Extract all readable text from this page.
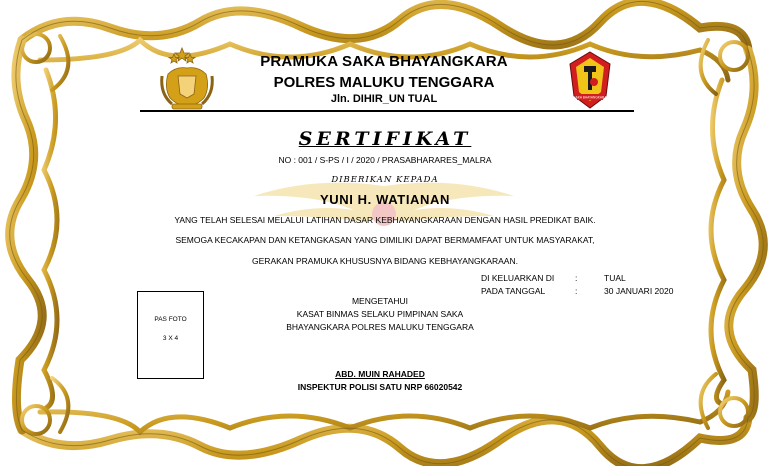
SAKA BHAYANGKARA
PRAMUKA SAKA BHAYANGKARA
POLRES MALUKU TENGGARA
Jln. DIHIR_UN TUAL
SERTIFIKAT
NO : 001 / S-PS / I / 2020 / PRASABHARARES_MALRA
DIBERIKAN KEPADA
YUNI H. WATIANAN
YANG TELAH SELESAI MELALUI LATIHAN DASAR KEBHAYANGKARAAN DENGAN HASIL PREDIKAT BAIK.
SEMOGA KECAKAPAN DAN KETANGKASAN YANG DIMILIKI DAPAT BERMAMFAAT UNTUK MASYARAKAT,
GERAKAN PRAMUKA KHUSUSNYA BIDANG KEBHAYANGKARAAN.
DI KELUARKAN DI :	TUAL
PADA TANGGAL	:	30 JANUARI 2020
PAS FOTO
3 X 4
MENGETAHUI
KASAT BINMAS SELAKU PIMPINAN SAKA
BHAYANGKARA POLRES MALUKU TENGGARA
ABD. MUIN RAHADED
INSPEKTUR POLISI SATU NRP 66020542
